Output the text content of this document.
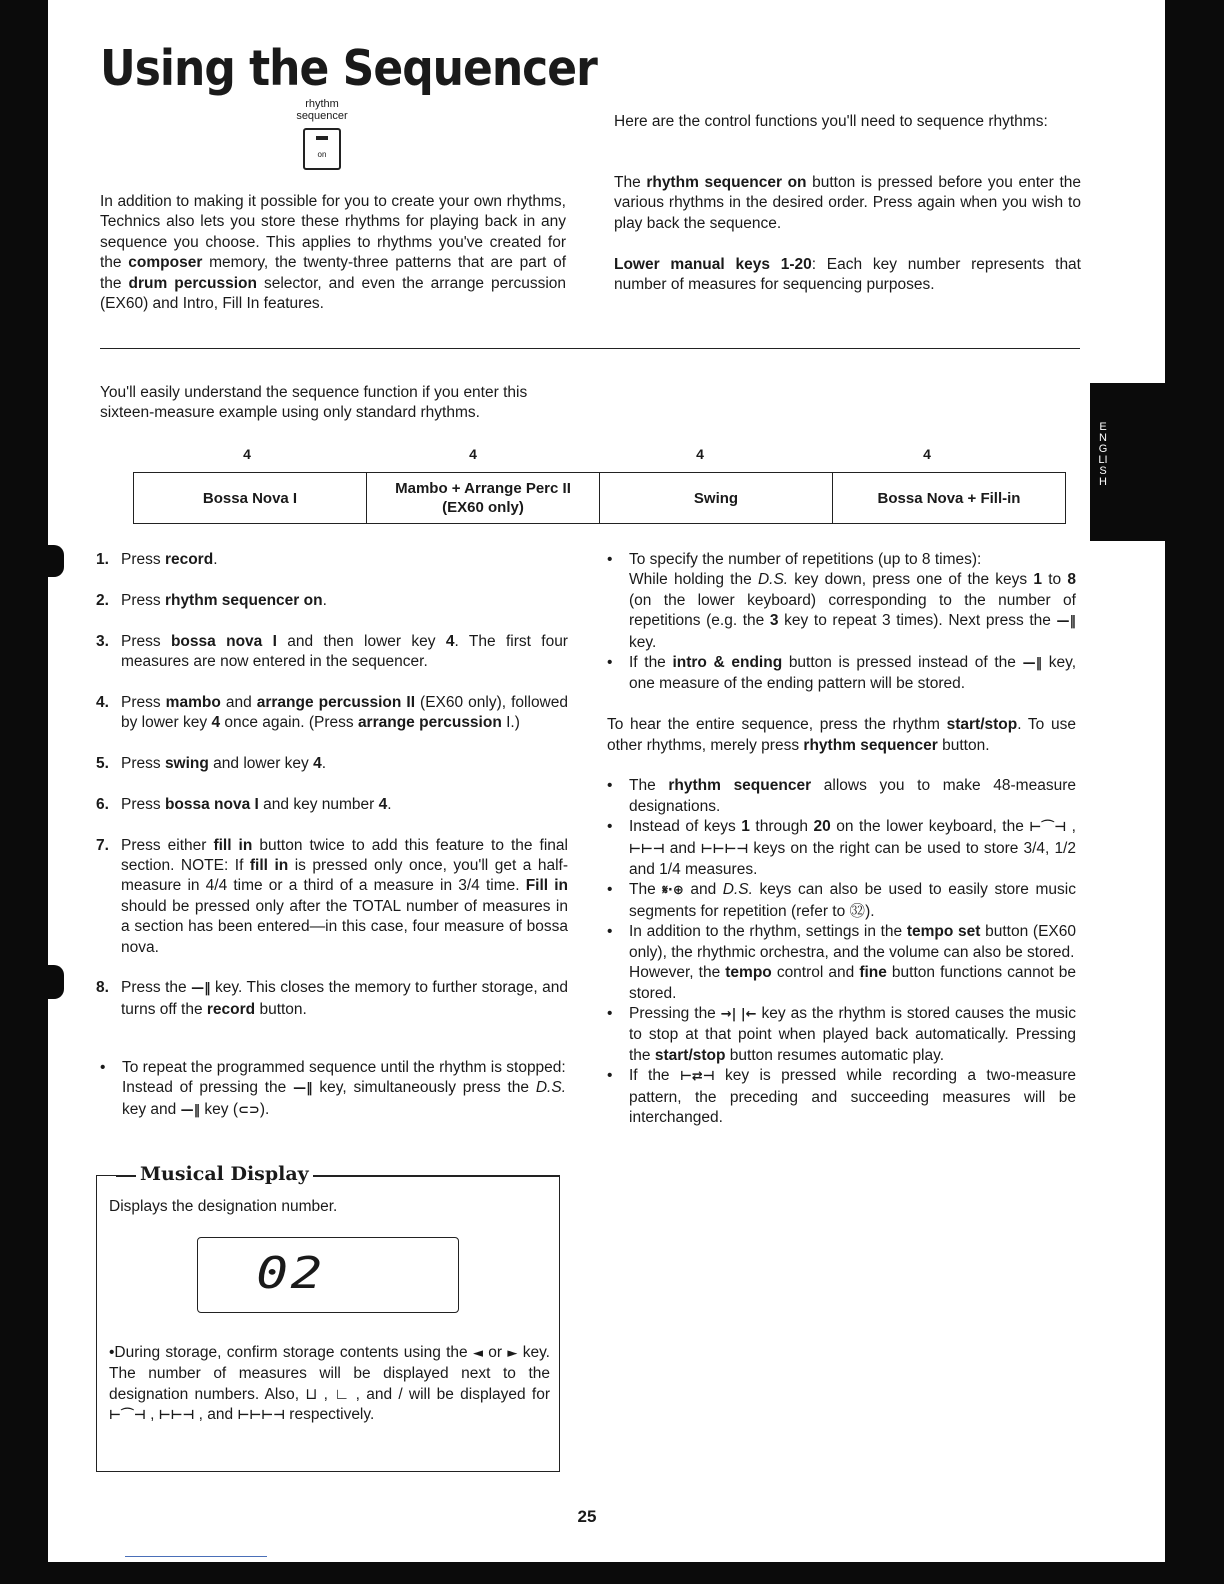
ENGLISH
Using the Sequencer
rhythm
sequencer
on

In addition to making it possible for you to create your own rhythms, Technics also lets you store these rhythms for playing back in any sequence you choose. This applies to rhythms you've created for the composer memory, the twenty-three patterns that are part of the drum percussion selector, and even the arrange percussion (EX60) and Intro, Fill In features.

Here are the control functions you'll need to sequence rhythms:

The rhythm sequencer on button is pressed before you enter the various rhythms in the desired order. Press again when you wish to play back the sequence.

Lower manual keys 1-20: Each key number represents that number of measures for sequencing purposes.

You'll easily understand the sequence function if you enter this sixteen-measure example using only standard rhythms.

4	4	4	4
Bossa Nova I	Mambo + Arrange Perc II
(EX60 only)	Swing	Bossa Nova + Fill-in
1. Press record.
2. Press rhythm sequencer on.
3. Press bossa nova I and then lower key 4. The first four measures are now entered in the sequencer.
4. Press mambo and arrange percussion II (EX60 only), followed by lower key 4 once again. (Press arrange percussion I.)
5. Press swing and lower key 4.
6. Press bossa nova I and key number 4.
7. Press either fill in button twice to add this feature to the final section. NOTE: If fill in is pressed only once, you'll get a half-measure in 4/4 time or a third of a measure in 3/4 time. Fill in should be pressed only after the TOTAL number of measures in a section has been entered—in this case, four measure of bossa nova.
8. Press the —‖ key. This closes the memory to further storage, and turns off the record button.
•	To repeat the programmed sequence until the rhythm is stopped:
Instead of pressing the —‖ key, simultaneously press the D.S. key and —‖ key (⊂⊃).
•	To specify the number of repetitions (up to 8 times):
While holding the D.S. key down, press one of the keys 1 to 8 (on the lower keyboard) corresponding to the number of repetitions (e.g. the 3 key to repeat 3 times). Next press the —‖ key.
•	If the intro & ending button is pressed instead of the —‖ key, one measure of the ending pattern will be stored.

To hear the entire sequence, press the rhythm start/stop. To use other rhythms, merely press rhythm sequencer button.

•	The rhythm sequencer allows you to make 48-measure designations.
•	Instead of keys 1 through 20 on the lower keyboard, the ⊢⌒⊣ , ⊢⊢⊣ and ⊢⊢⊢⊣ keys on the right can be used to store 3/4, 1/2 and 1/4 measures.
•	The 𝄋·⊕ and D.S. keys can also be used to easily store music segments for repetition (refer to ㉜).
•	In addition to the rhythm, settings in the tempo set button (EX60 only), the rhythmic orchestra, and the volume can also be stored.
However, the tempo control and fine button functions cannot be stored.
•	Pressing the →| |← key as the rhythm is stored causes the music to stop at that point when played back automatically. Pressing the start/stop button resumes automatic play.
•	If the ⊢⇄⊣ key is pressed while recording a two-measure pattern, the preceding and succeeding measures will be interchanged.
Musical Display
Displays the designation number.
02
•During storage, confirm storage contents using the ◄ or ► key. The number of measures will be displayed next to the designation numbers. Also, ⊔ , ∟ , and / will be displayed for ⊢⌒⊣ , ⊢⊢⊣ , and ⊢⊢⊢⊣ respectively.
25
